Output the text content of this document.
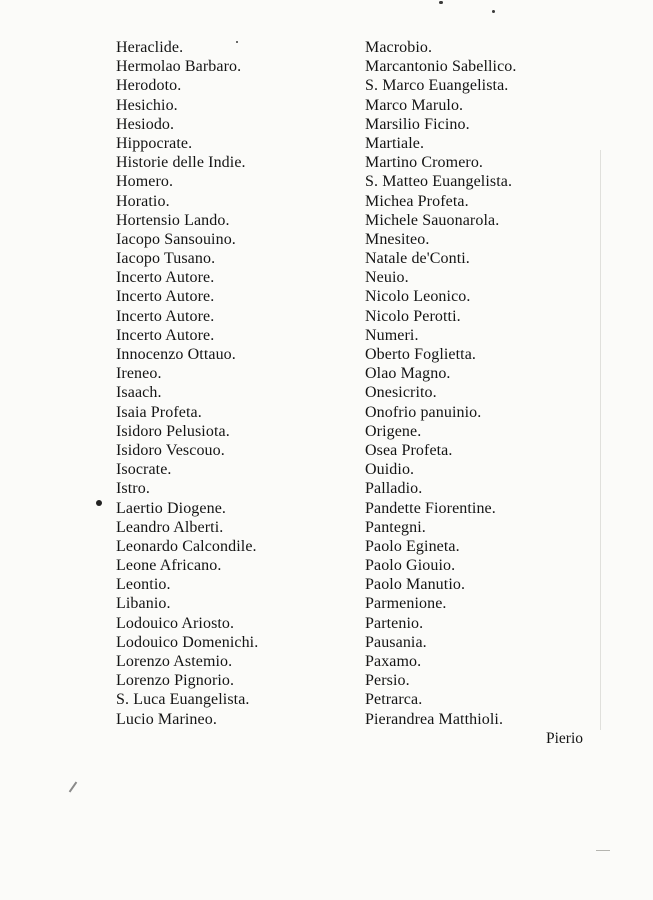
Heraclide.
Hermolao Barbaro.
Herodoto.
Hesichio.
Hesiodo.
Hippocrate.
Historie delle Indie.
Homero.
Horatio.
Hortensio Lando.
Iacopo Sansouino.
Iacopo Tusano.
Incerto Autore.
Incerto Autore.
Incerto Autore.
Incerto Autore.
Innocenzo Ottauo.
Ireneo.
Isaach.
Isaia Profeta.
Isidoro Pelusiota.
Isidoro Vescouo.
Isocrate.
Istro.
Laertio Diogene.
Leandro Alberti.
Leonardo Calcondile.
Leone Africano.
Leontio.
Libanio.
Lodouico Ariosto.
Lodouico Domenichi.
Lorenzo Astemio.
Lorenzo Pignorio.
S. Luca Euangelista.
Lucio Marineo.
Macrobio.
Marcantonio Sabellico.
S. Marco Euangelista.
Marco Marulo.
Marsilio Ficino.
Martiale.
Martino Cromero.
S. Matteo Euangelista.
Michea Profeta.
Michele Sauonarola.
Mnesiteo.
Natale de'Conti.
Neuio.
Nicolo Leonico.
Nicolo Perotti.
Numeri.
Oberto Foglietta.
Olao Magno.
Onesicrito.
Onofrio panuinio.
Origene.
Osea Profeta.
Ouidio.
Palladio.
Pandette Fiorentine.
Pantegni.
Paolo Egineta.
Paolo Giouio.
Paolo Manutio.
Parmenione.
Partenio.
Pausania.
Paxamo.
Persio.
Petrarca.
Pierandrea Matthioli.
Pierio
